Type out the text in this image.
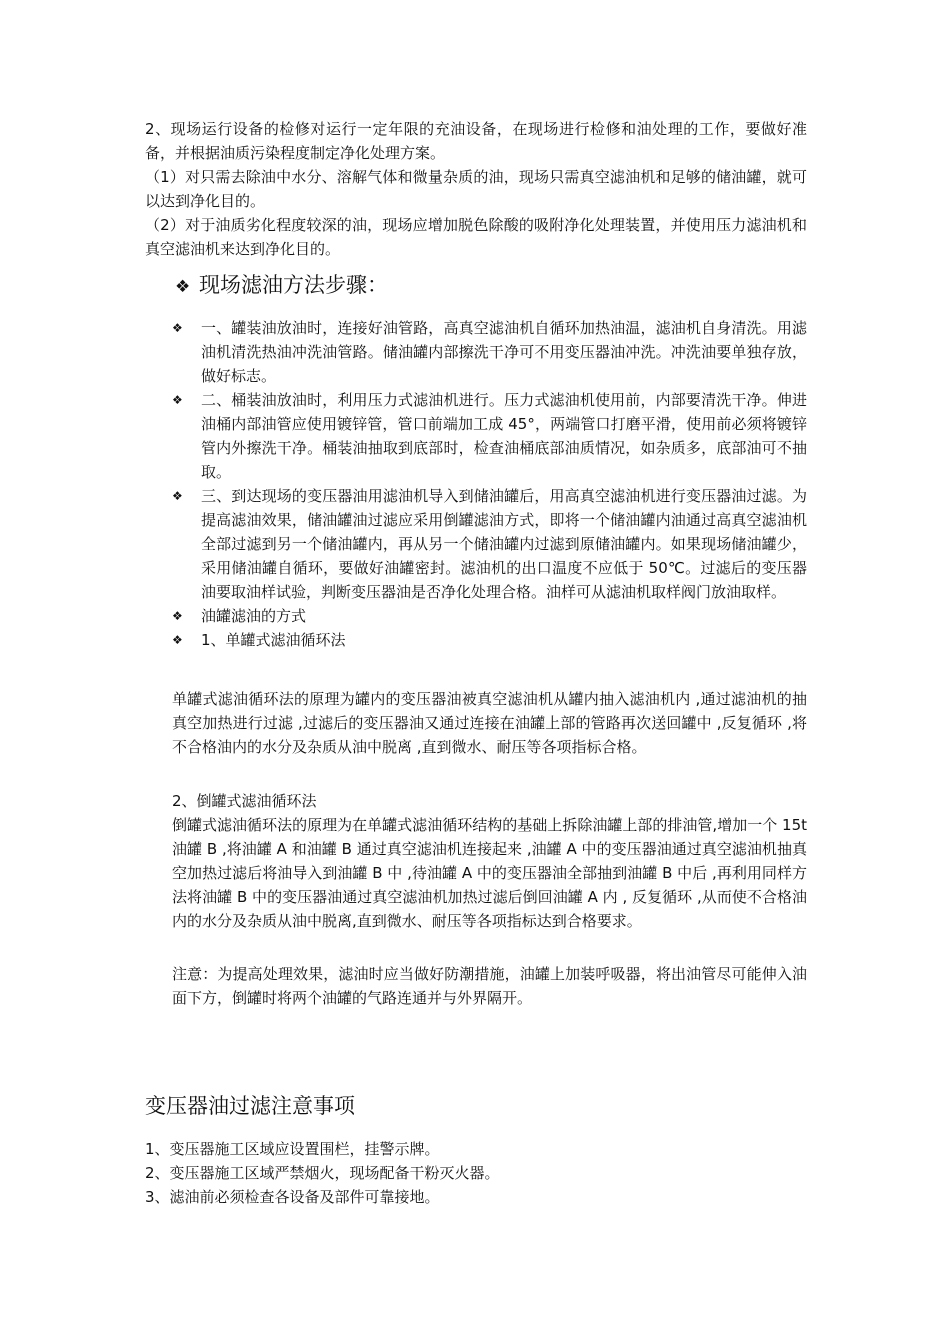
2、现场运行设备的检修对运行一定年限的充油设备，在现场进行检修和油处理的工作，要做好准备，并根据油质污染程度制定净化处理方案。

（1）对只需去除油中水分、溶解气体和微量杂质的油，现场只需真空滤油机和足够的储油罐，就可以达到净化目的。

（2）对于油质劣化程度较深的油，现场应增加脱色除酸的吸附净化处理装置，并使用压力滤油机和真空滤油机来达到净化目的。

❖ 现场滤油方法步骤：
❖ 一、罐装油放油时，连接好油管路，高真空滤油机自循环加热油温，滤油机自身清洗。用滤油机清洗热油冲洗油管路。储油罐内部擦洗干净可不用变压器油冲洗。冲洗油要单独存放，做好标志。
❖ 二、桶装油放油时，利用压力式滤油机进行。压力式滤油机使用前，内部要清洗干净。伸进油桶内部油管应使用镀锌管，管口前端加工成 45°，两端管口打磨平滑，使用前必须将镀锌管内外擦洗干净。桶装油抽取到底部时，检查油桶底部油质情况，如杂质多，底部油可不抽取。
❖ 三、到达现场的变压器油用滤油机导入到储油罐后，用高真空滤油机进行变压器油过滤。为提高滤油效果，储油罐油过滤应采用倒罐滤油方式，即将一个储油罐内油通过高真空滤油机全部过滤到另一个储油罐内，再从另一个储油罐内过滤到原储油罐内。如果现场储油罐少，采用储油罐自循环，要做好油罐密封。滤油机的出口温度不应低于 50℃。过滤后的变压器油要取油样试验，判断变压器油是否净化处理合格。油样可从滤油机取样阀门放油取样。
❖ 油罐滤油的方式
❖ 1、单罐式滤油循环法

单罐式滤油循环法的原理为罐内的变压器油被真空滤油机从罐内抽入滤油机内 ,通过滤油机的抽真空加热进行过滤 ,过滤后的变压器油又通过连接在油罐上部的管路再次送回罐中 ,反复循环 ,将不合格油内的水分及杂质从油中脱离 ,直到微水、耐压等各项指标合格。

2、倒罐式滤油循环法

倒罐式滤油循环法的原理为在单罐式滤油循环结构的基础上拆除油罐上部的排油管,增加一个 15t 油罐 B ,将油罐 A 和油罐 B 通过真空滤油机连接起来 ,油罐 A 中的变压器油通过真空滤油机抽真空加热过滤后将油导入到油罐 B 中 ,待油罐 A 中的变压器油全部抽到油罐 B 中后 ,再利用同样方法将油罐 B 中的变压器油通过真空滤油机加热过滤后倒回油罐 A 内 , 反复循环 ,从而使不合格油内的水分及杂质从油中脱离,直到微水、耐压等各项指标达到合格要求。

注意：为提高处理效果，滤油时应当做好防潮措施，油罐上加装呼吸器，将出油管尽可能伸入油面下方，倒罐时将两个油罐的气路连通并与外界隔开。

变压器油过滤注意事项
1、变压器施工区域应设置围栏，挂警示牌。
2、变压器施工区域严禁烟火，现场配备干粉灭火器。
3、滤油前必须检查各设备及部件可靠接地。
